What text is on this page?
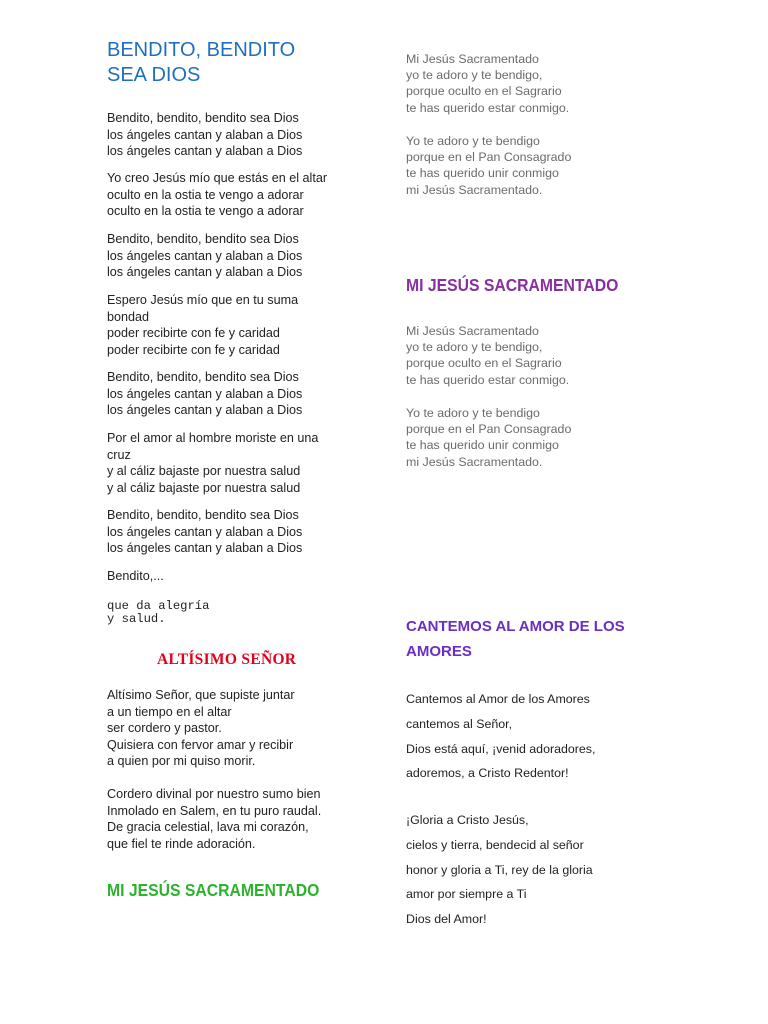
BENDITO, BENDITO
SEA DIOS
Bendito, bendito, bendito sea Dios
los ángeles cantan y alaban a Dios
los ángeles cantan y alaban a Dios
Yo creo Jesús mío que estás en el altar
oculto en la ostia te vengo a adorar
oculto en la ostia te vengo a adorar
Bendito, bendito, bendito sea Dios
los ángeles cantan y alaban a Dios
los ángeles cantan y alaban a Dios
Espero Jesús mío que en tu suma
bondad
poder recibirte con fe y caridad
poder recibirte con fe y caridad
Bendito, bendito, bendito sea Dios
los ángeles cantan y alaban a Dios
los ángeles cantan y alaban a Dios
Por el amor al hombre moriste en una
cruz
y al cáliz bajaste por nuestra salud
y al cáliz bajaste por nuestra salud
Bendito, bendito, bendito sea Dios
los ángeles cantan y alaban a Dios
los ángeles cantan y alaban a Dios
Bendito,...
que da alegría
y salud.
ALTÍSIMO SEÑOR
Altísimo Señor, que supiste juntar
a un tiempo en el altar
ser cordero y pastor.
Quisiera con fervor amar y recibir
a quien por mi quiso morir.
Cordero divinal por nuestro sumo bien
Inmolado en Salem, en tu puro raudal.
De gracia celestial, lava mi corazón,
que fiel te rinde adoración.
MI JESÚS SACRAMENTADO
Mi Jesús Sacramentado
yo te adoro y te bendigo,
porque oculto en el Sagrario
te has querido estar conmigo.
Yo te adoro y te bendigo
porque en el Pan Consagrado
te has querido unir conmigo
mi Jesús Sacramentado.
MI JESÚS SACRAMENTADO
Mi Jesús Sacramentado
yo te adoro y te bendigo,
porque oculto en el Sagrario
te has querido estar conmigo.
Yo te adoro y te bendigo
porque en el Pan Consagrado
te has querido unir conmigo
mi Jesús Sacramentado.
CANTEMOS AL AMOR DE LOS
AMORES
Cantemos al Amor de los Amores
cantemos al Señor,
Dios está aquí, ¡venid adoradores,
adoremos, a Cristo Redentor!
¡Gloria a Cristo Jesús,
cielos y tierra, bendecid al señor
honor y gloria a Ti, rey de la gloria
amor por siempre a Ti
Dios del Amor!
